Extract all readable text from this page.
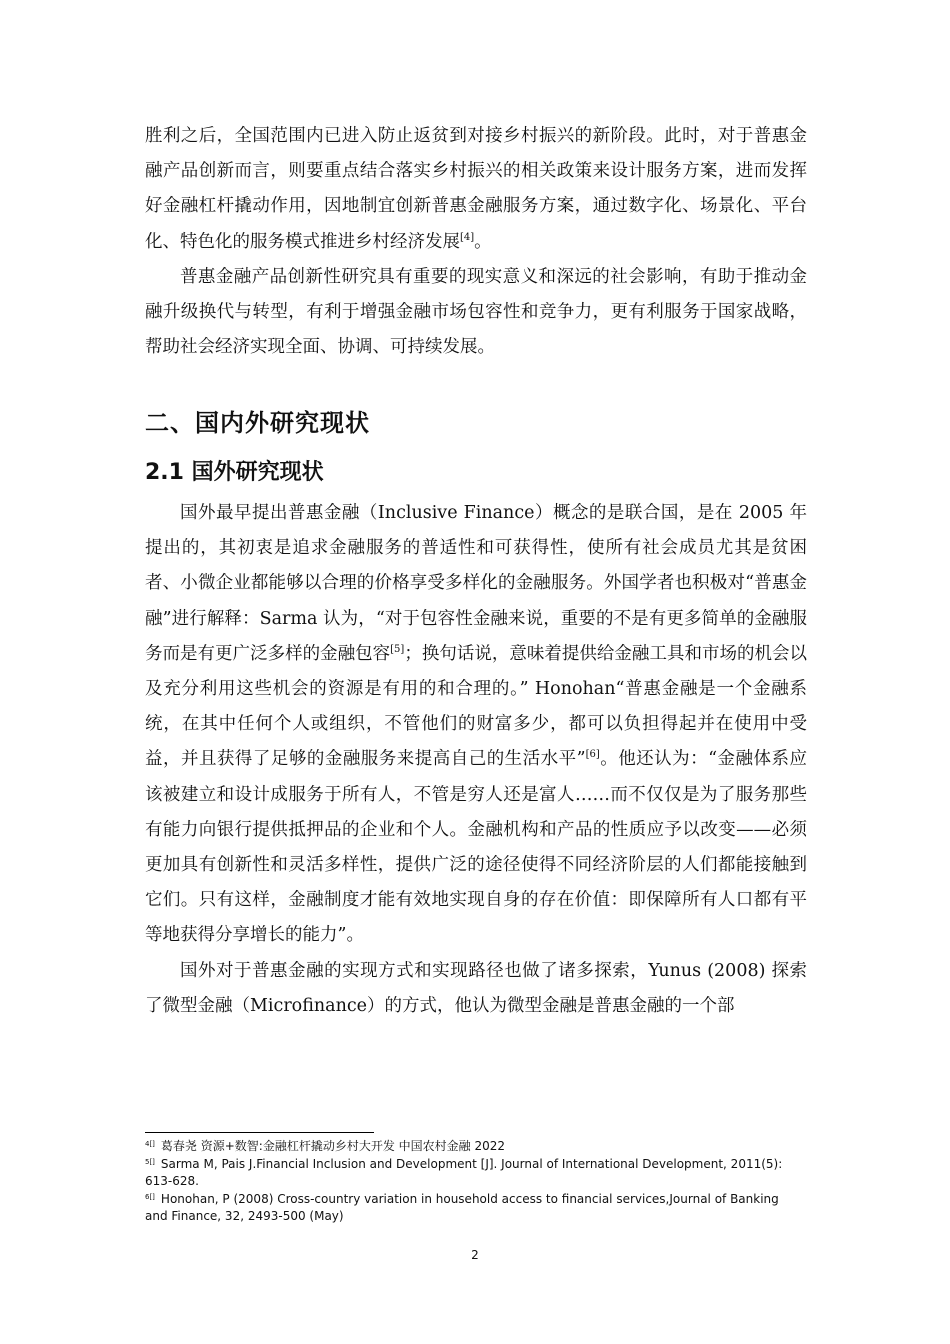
胜利之后，全国范围内已进入防止返贫到对接乡村振兴的新阶段。此时，对于普惠金融产品创新而言，则要重点结合落实乡村振兴的相关政策来设计服务方案，进而发挥好金融杠杆撬动作用，因地制宜创新普惠金融服务方案，通过数字化、场景化、平台化、特色化的服务模式推进乡村经济发展[4]。

普惠金融产品创新性研究具有重要的现实意义和深远的社会影响，有助于推动金融升级换代与转型，有利于增强金融市场包容性和竞争力，更有利服务于国家战略，帮助社会经济实现全面、协调、可持续发展。

二、国内外研究现状
2.1 国外研究现状

国外最早提出普惠金融（Inclusive Finance）概念的是联合国，是在 2005 年提出的，其初衷是追求金融服务的普适性和可获得性，使所有社会成员尤其是贫困者、小微企业都能够以合理的价格享受多样化的金融服务。外国学者也积极对“普惠金融”进行解释：Sarma 认为，“对于包容性金融来说，重要的不是有更多简单的金融服务而是有更广泛多样的金融包容[5]；换句话说，意味着提供给金融工具和市场的机会以及充分利用这些机会的资源是有用的和合理的。” Honohan“普惠金融是一个金融系统，在其中任何个人或组织，不管他们的财富多少，都可以负担得起并在使用中受益，并且获得了足够的金融服务来提高自己的生活水平”[6]。他还认为：“金融体系应该被建立和设计成服务于所有人，不管是穷人还是富人……而不仅仅是为了服务那些有能力向银行提供抵押品的企业和个人。金融机构和产品的性质应予以改变——必须更加具有创新性和灵活多样性，提供广泛的途径使得不同经济阶层的人们都能接触到它们。只有这样，金融制度才能有效地实现自身的存在价值：即保障所有人口都有平等地获得分享增长的能力”。

国外对于普惠金融的实现方式和实现路径也做了诸多探索，Yunus (2008) 探索了微型金融（Microfinance）的方式，他认为微型金融是普惠金融的一个部

$^{4[]}$ 葛春尧 资源+数智:金融杠杆撬动乡村大开发 中国农村金融 2022

$^{5[]}$ Sarma M, Pais J.Financial Inclusion and Development [J]. Journal of International Development, 2011(5): 613-628.

$^{6[]}$ Honohan, P (2008) Cross-country variation in household access to financial services,Journal of Banking and Finance, 32, 2493-500 (May)

2
